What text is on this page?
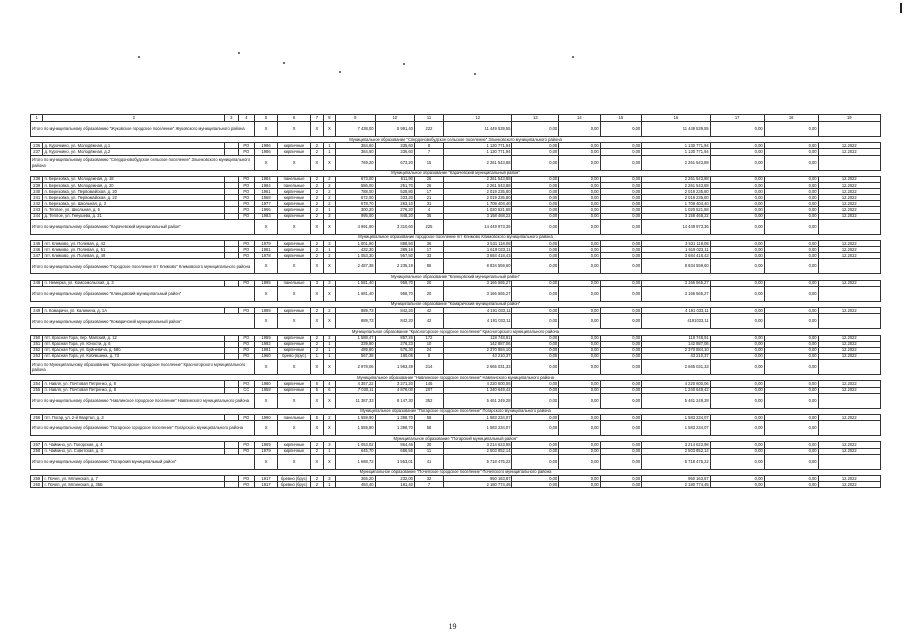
1	2	3	4	5	6	7	8	9	10	11	12	13	14	15	16	17	18	19
Итого по муниципальному образованию "Жуковское городское поселение" Жуковского муниципального района				X	X	X	X	7 438,00	5 991,40	222	11 449 539,55	0,00	0,00	0,00	11 449 539,55	0,00	0,00	
Муниципальное образование "Спердоновобудское сельское поселение" Злынковского муниципального района																		
236	д. Курочкино, ул. Молодёжная, д.1		РО	1986	кирпичные	2	1	384,60	335,60	8	1 130 771,94	0,00	0,00	0,00	1 130 771,94	0,00	0,00	12.2022
237	д. Курочкино, ул. Молодёжная, д.2		РО	1986	кирпичные	2	1	384,60	336,60	7	1 130 771,94	0,00	0,00	0,00	1 130 771,94	0,00	0,00	12.2022
Итого по муниципальному образованию "Спердоновобудское сельское поселение" Злынковского муниципального района				X	X	X	X	769,20	673,20	15	2 261 543,88	0,00	0,00	0,00	2 261 543,88	0,00	0,00	
Муниципальное образование "Карачевский муниципальный район"																		
238	п. Березовка, ул. Молодежная, д. 18		РО	1984	панельные	2	2	673,00	611,90	26	2 261 543,88	0,00	0,00	0,00	2 261 543,88	0,00	0,00	12.2022
239	п. Березовка, ул. Молодежная, д. 20		РО	1984	панельные	2	2	586,00	251,70	26	2 261 543,88	0,00	0,00	0,00	2 261 543,88	0,00	0,00	12.2022
240	п. Березовка, ул. Первомайская, д. 20		РО	1961	кирпичные	2	2	788,00	528,80	17	2 019 235,80	0,00	0,00	0,00	2 019 235,80	0,00	0,00	12.2022
241	п. Березовка, ул. Первомайская, д. 22		РО	1968	кирпичные	2	2	672,00	333,20	21	2 019 235,80	0,00	0,00	0,00	2 019 235,80	0,00	0,00	12.2022
242	п. Березовка, ул. Школьная, д. 3		РО	1977	кирпичные	2	2	678,70	263,10	31	1 709 404,40	0,00	0,00	0,00	1 709 404,40	0,00	0,00	12.2022
243	п. Теплое, ул. Школьная, д. 5		РО	1966	кирпичные	2	1	300,20	276,20	4	1 020 521,58	0,00	0,00	0,00	1 020 521,58	0,00	0,00	12.2022
244	д. Теплое, ул. Гнеушева, д. 21		РО	1983	кирпичные	2	3	995,00	848,20	35	3 158 468,22	0,00	0,00	0,00	3 158 468,22	0,00	0,00	12.2022
Итого по муниципальному образованию "Карачевский муниципальный район"				X	X	X	X	4 991,90	3 310,60	225	14 449 973,36	0,00	0,00	0,00	14 449 973,36	0,00	0,00	
Муниципальное образование городское поселение пгт Климово Климовского муниципального района																		
245	пгт. Климово, ул. Полевая, д. 42		РО	1979	кирпичные	2	3	1 001,90	888,50	36	3 531 118,08	0,00	0,00	0,00	3 531 118,08	0,00	0,00	12.2022
246	пгт. Климово, ул. Полевая, д. 51		РО	1981	кирпичные	2	1	432,30	389,16	17	1 619 023,11	0,00	0,00	0,00	1 619 023,11	0,00	0,00	12.2022
247	пгт. Климово, ул. Полевая, д. 49		РО	1978	кирпичные	2	2	1 053,30	957,50	33	3 684 418,43	0,00	0,00	0,00	3 684 418,43	0,00	0,00	12.2022
Итого по муниципальному образованию "Городское поселение пгт Климово" Климовского муниципального района				X	X	X	X	2 487,38	2 235,19	86	8 834 559,60	0,00	0,00	0,00	8 834 559,60	0,00	0,00	
Муниципальное образование "Клинцовский муниципальный район"																		
248	п. Немерка, ул. Комсомольская, д. 3		РО	1995	панельные	3	3	1 581,40	958,70	20	3 166 565,27	0,00	0,00	0,00	3 166 565,27	0,00	0,00	12.2022
Итого по муниципальному образованию "Клинцовский муниципальный район"				X	X	X	X	1 681,40	958,70	20	3 166 565,27	0,00	0,00	0,00	3 166 565,27	0,00	0,00	
Муниципальное образование "Комаричский муниципальный район"																		
249	п. Комаричи, ул. Калинина, д. 1А		РО	1989	кирпичные	2	2	889,73	842,20	42	4 191 033,11	0,00	0,00	0,00	4 191 033,11	0,00	0,00	12.2022
Итого по муниципальному образованию "Комаричский муниципальный район"				X	X	X	X	889,73	842,20	42	4 191 033,11	0,00	0,00	0,00	4191033,11	0,00	0,00	
Муниципальное образование "Красногорское городское поселение" Красногорского муниципального района																		
250	пгт. Красная Гора, пер. Майский, д. 12		РО	1989	кирпичные	2	2	1 588,47	857,26	172	118 748,91	0,00	0,00	0,00	118 748,91	0,00	0,00	12.2022
251	пгт. Красная Гора, ул. Юности, д. 6		РО	1992	кирпичные	2	1	339,80	276,23	10	142 887,06	0,00	0,00	0,00	142 887,06	0,00	0,00	12.2022
252	пгт. Красная Гора, ул. Буйневича, д. 58б		РО	1991	кирпичные	2	1	489,80	576,30	24	2 370 884,10	0,00	0,00	0,00	2 370 884,10	0,00	0,00	12.2022
253	пгт. Красная Гора, ул. Кобякшина, д. 73		РО	1960	брево (брус)	1	1	567,38	180,06	8	43 210,37	0,00	0,00	0,00	43 210,37	0,00	0,00	12.2022
Итого по Муниципальному образованию "Красногорское городское поселение" Красногорского муниципального района				X	X	X	X	2 978,06	1 963,49	214	2 665 031,33	0,00	0,00	0,00	2 665 031,33	0,00	0,00	
Муниципальное образование "Навлинское городское поселение" Навлинского муниципального района																		
254	п. Навля, ул. Почтовая Петренко, д. 8		РО	1980	кирпичные	5	4	4 357,22	3 271,20	145	4 220 600,06	0,00	0,00	0,00	4 220 600,06	0,00	0,00	12.2022
255	п. Навля, ул. Почтовая Петренко, д. 8		СС	1958	кирпичные	5	6	7 030,11	4 878,00	207	1 240 649,42	0,00	0,00	0,00	1 240 649,42	0,00	0,00	12.2022
Итого по муниципальному образованию "Навлинское городское поселение" Навлинского муниципального района				X	X	X	X	11 387,33	8 147,30	352	5 461 249,28	0,00	0,00	0,00	5 461 249,28	0,00	0,00	
Муниципальное образование "Погарское городское поселение" Погарского муниципального района																		
256	пгт. Погар, ул. 2-й Квартал, д. 3		РО	1990	панельные	5	2	1 559,90	1 398,70	58	1 583 234,07	0,00	0,00	0,00	1 583 234,07	0,00	0,00	12.2022
Итого по муниципальному образованию "Погарское городское поселение" Погарского муниципального района				X	X	X	X	1 559,90	1 398,70	58	1 583 234,07	0,00	0,00	0,00	1 583 234,07	0,00	0,00	
Муниципальное образование "Погарский муниципальный район"																		
257	п. Чайкино, ул. Погорская, д. 4		РО	1969	кирпичные	2	3	1 053,02	864,46	30	3 214 623,98	0,00	0,00	0,00	3 214 623,98	0,00	0,00	12.2022
258	п. Чайкино, ул. Советская, д. 3		РО	1979	кирпичные	2	1	645,70	686,55	11	2 503 852,14	0,00	0,00	0,00	2 503 852,14	0,00	0,00	12.2022
Итого по муниципальному образованию "Погарский муниципальный район"				X	X	X	X	1 688,72	1 553,01	41	5 718 475,22	0,00	0,00	0,00	5 718 475,22	0,00	0,00	
Муниципальное образование "Почепское городское поселение" Почепского муниципального района																		
259	г. Почеп, ул. Мглинская, д. 7		РО	1917	бревно (брус)	2	3	365,20	232,00	32	950 163,87	0,00	0,00	0,00	950 163,87	0,00	0,00	12.2022
260	г. Почеп, ул. Мглинская, д. 35Б		РО	1917	бревно (брус)	2	1	484,40	181,40	7	2 180 774,45	0,00	0,00	0,00	2 180 774,45	0,00	0,00	12.2022
19
